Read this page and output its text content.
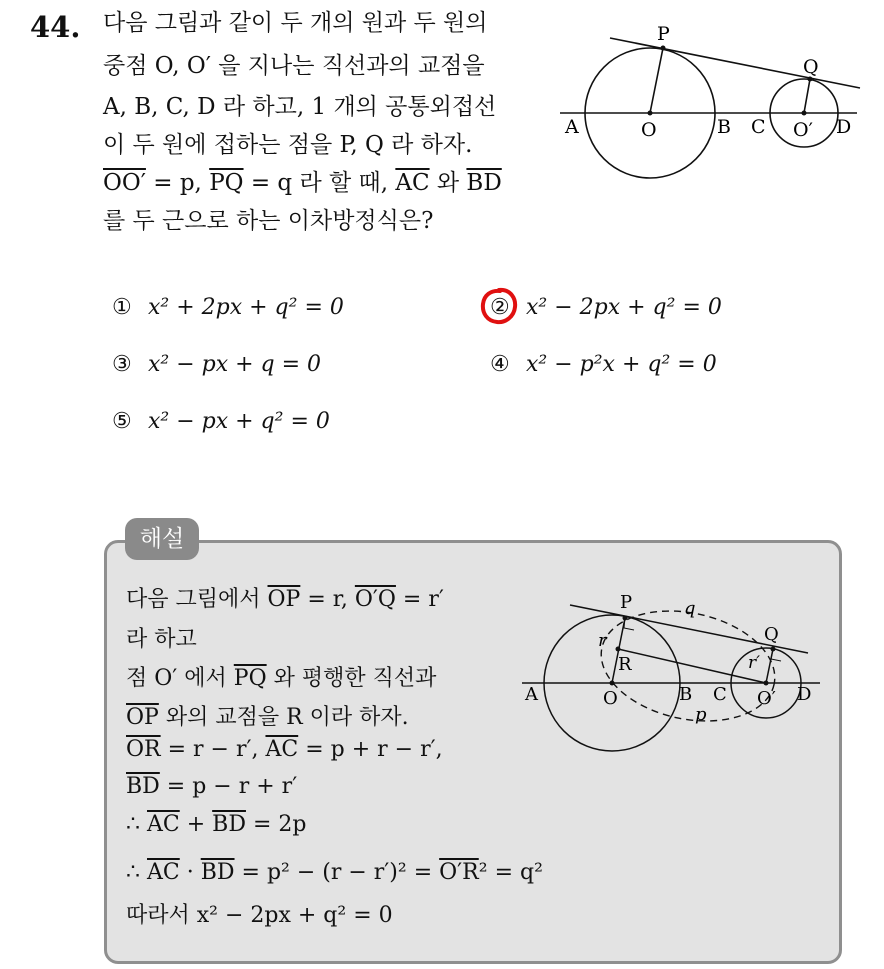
44. 다음 그림과 같이 두 개의 원과 두 원의
중점 O, O′ 을 지나는 직선과의 교점을
A, B, C, D 라 하고, 1 개의 공통외접선
이 두 원에 접하는 점을 P, Q 라 하자.
OO′ = p, $\overline{PQ} = q$ 라 할 때, $\overline{AC}$ 와 $\overline{BD}$
를 두 근으로 하는 이차방정식은?
P
Q
A	O	B C O′ D
① x² + 2px + q² = 0	② x² − 2px + q² = 0
③ x² − px + q = 0	④ x² − p²x + q² = 0
⑤ x² − px + q² = 0
해설
다음 그림에서 $\overline{OP} = r$, O′Q = r′
라 하고
점 O′ 에서 $\overline{PQ}$ 와 평행한 직선과
$\overline{OP}$ 와의 교점을 R 이라 하자.
$\overline{OR} = r - r'$, $\overline{AC} = p + r - r'$,
$\overline{BD} = p - r + r'$
∴ $\overline{AC} + \overline{BD} = 2p$
∴ $\overline{AC} \cdot \overline{BD} = p^2 - (r - r')^2 = O'R^2 = q^2$
따라서 x² − 2px + q² = 0
P	q
Q
r
R	r′
A	O	B C O′ D
p
